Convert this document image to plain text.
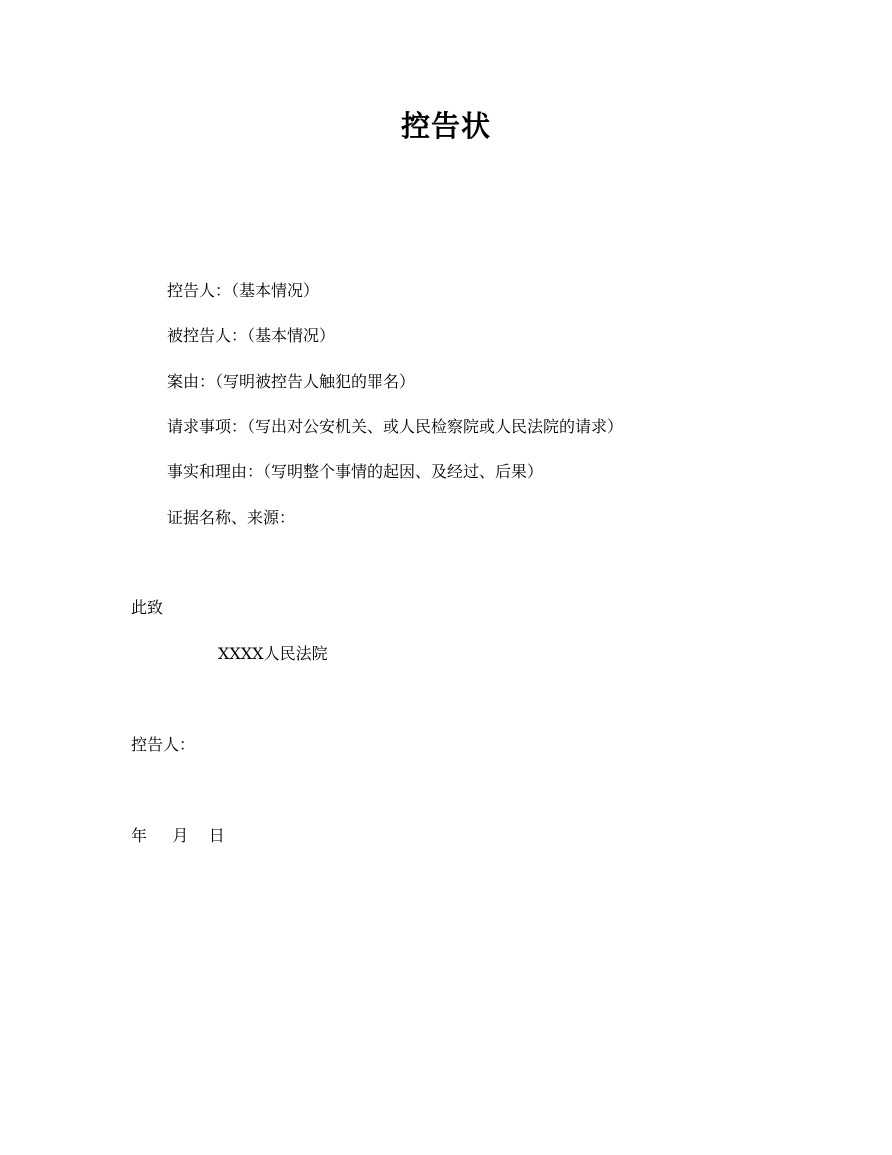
控告状
控告人：（基本情况）
被控告人：（基本情况）
案由：（写明被控告人触犯的罪名）
请求事项：（写出对公安机关、或人民检察院或人民法院的请求）
事实和理由：（写明整个事情的起因、及经过、后果）
证据名称、来源：
此致
XXXX人民法院
控告人：
年     月    日
